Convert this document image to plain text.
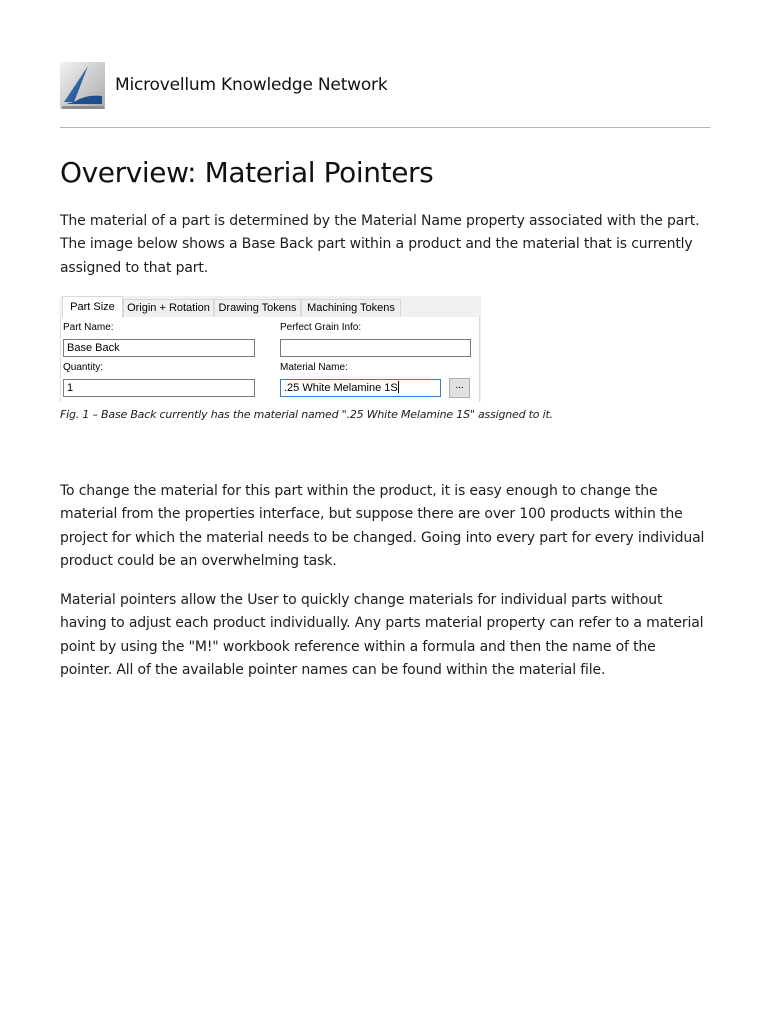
Microvellum Knowledge Network
Overview: Material Pointers

The material of a part is determined by the Material Name property associated with the part. The image below shows a Base Back part within a product and the material that is currently assigned to that part.

Part Size	Origin + Rotation Drawing Tokens Machining Tokens
Part Name:
Base Back
Perfect Grain Info:
Quantity:
1
Material Name:
.25 White Melamine 1S	...

Fig. 1 – Base Back currently has the material named ".25 White Melamine 1S" assigned to it.

To change the material for this part within the product, it is easy enough to change the material from the properties interface, but suppose there are over 100 products within the project for which the material needs to be changed. Going into every part for every individual product could be an overwhelming task.

Material pointers allow the User to quickly change materials for individual parts without having to adjust each product individually. Any parts material property can refer to a material point by using the "M!" workbook reference within a formula and then the name of the pointer. All of the available pointer names can be found within the material file.
